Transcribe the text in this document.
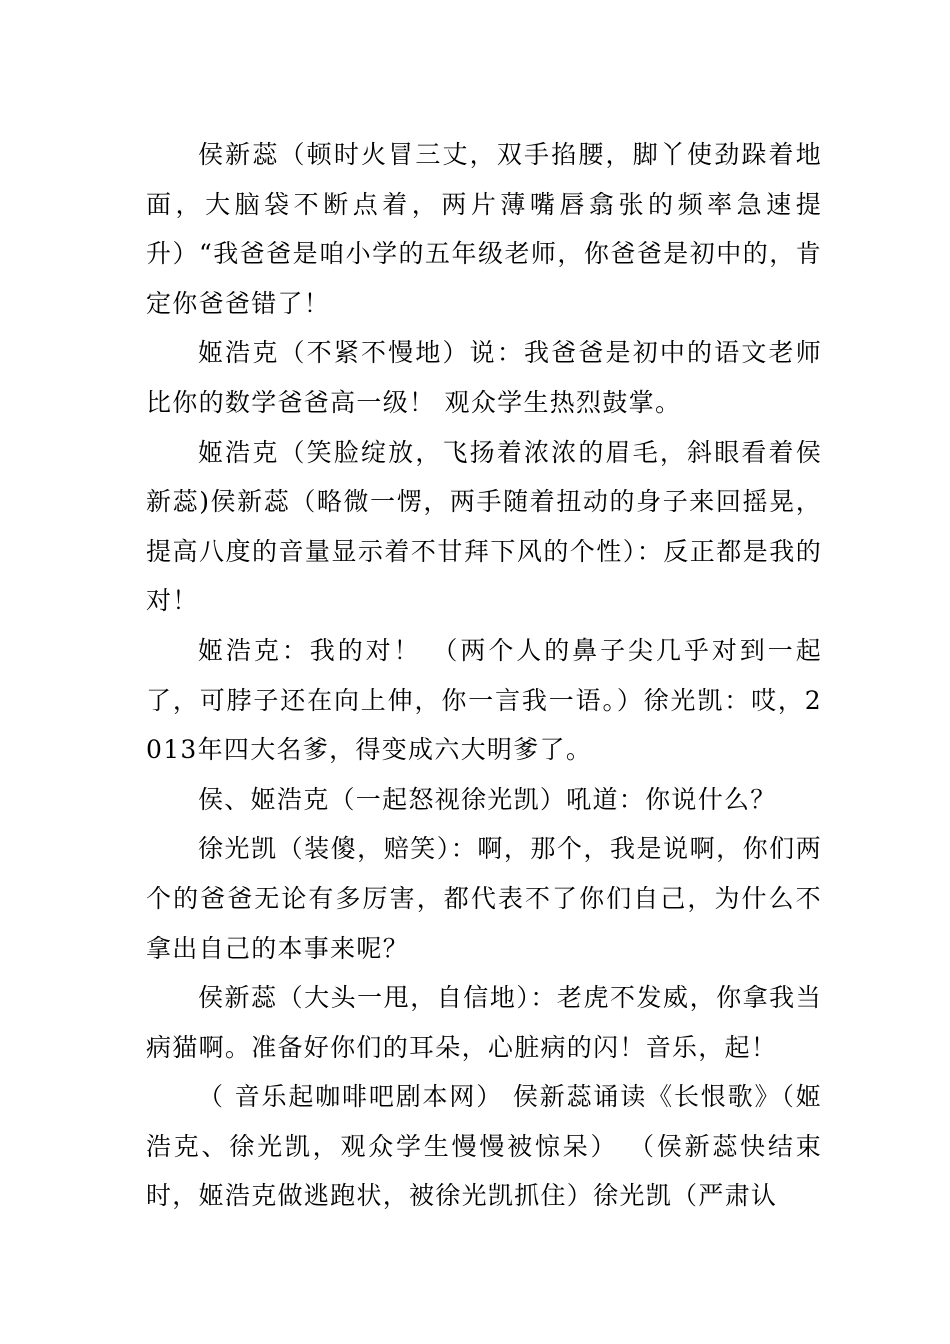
侯新蕊（顿时火冒三丈，双手掐腰，脚丫使劲跺着地面，大脑袋不断点着，两片薄嘴唇翕张的频率急速提升）“我爸爸是咱小学的五年级老师，你爸爸是初中的，肯定你爸爸错了！

姬浩克（不紧不慢地）说：我爸爸是初中的语文老师比你的数学爸爸高一级！ 观众学生热烈鼓掌。

姬浩克（笑脸绽放，飞扬着浓浓的眉毛，斜眼看着侯新蕊)侯新蕊（略微一愣，两手随着扭动的身子来回摇晃，提高八度的音量显示着不甘拜下风的个性）：反正都是我的对！

姬浩克：我的对！ （两个人的鼻子尖几乎对到一起了，可脖子还在向上伸，你一言我一语。）徐光凯：哎，2013年四大名爹，得变成六大明爹了。

侯、姬浩克（一起怒视徐光凯）吼道：你说什么？

徐光凯（装傻，赔笑）：啊，那个，我是说啊，你们两个的爸爸无论有多厉害，都代表不了你们自己，为什么不拿出自己的本事来呢？

侯新蕊（大头一甩，自信地）：老虎不发威，你拿我当病猫啊。准备好你们的耳朵，心脏病的闪！音乐，起！

（ 音乐起咖啡吧剧本网） 侯新蕊诵读《长恨歌》（姬浩克、徐光凯，观众学生慢慢被惊呆） （侯新蕊快结束时，姬浩克做逃跑状，被徐光凯抓住）徐光凯（严肃认
